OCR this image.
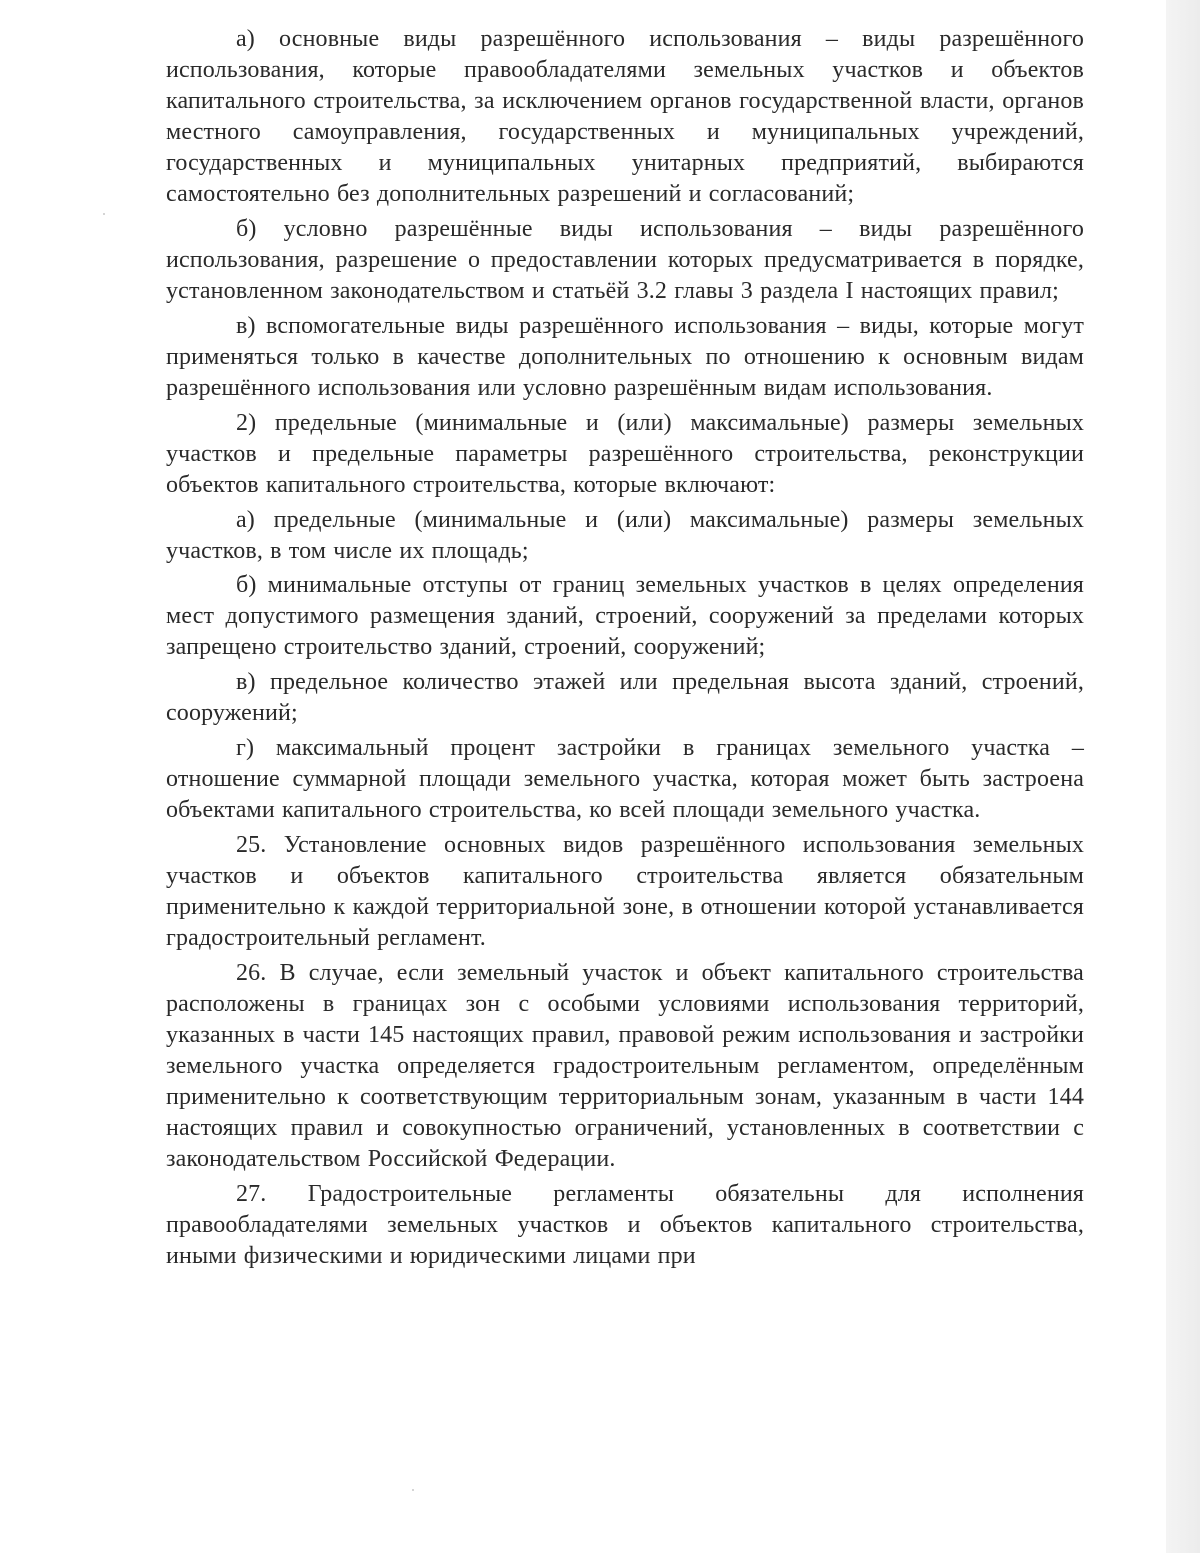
а) основные виды разрешённого использования – виды разрешённого использования, которые правообладателями земельных участков и объектов капитального строительства, за исключением органов государственной власти, органов местного самоуправления, государственных и муниципальных учреждений, государственных и муниципальных унитарных предприятий, выбираются самостоятельно без дополнительных разрешений и согласований;

б) условно разрешённые виды использования – виды разрешённого использования, разрешение о предоставлении которых предусматривается в порядке, установленном законодательством и статьёй 3.2 главы 3 раздела I настоящих правил;

в) вспомогательные виды разрешённого использования – виды, которые могут применяться только в качестве дополнительных по отношению к основным видам разрешённого использования или условно разрешённым видам использования.

2) предельные (минимальные и (или) максимальные) размеры земельных участков и предельные параметры разрешённого строительства, реконструкции объектов капитального строительства, которые включают:

а) предельные (минимальные и (или) максимальные) размеры земельных участков, в том числе их площадь;

б) минимальные отступы от границ земельных участков в целях определения мест допустимого размещения зданий, строений, сооружений за пределами которых запрещено строительство зданий, строений, сооружений;

в) предельное количество этажей или предельная высота зданий, строений, сооружений;

г) максимальный процент застройки в границах земельного участка – отношение суммарной площади земельного участка, которая может быть застроена объектами капитального строительства, ко всей площади земельного участка.

25. Установление основных видов разрешённого использования земельных участков и объектов капитального строительства является обязательным применительно к каждой территориальной зоне, в отношении которой устанавливается градостроительный регламент.

26. В случае, если земельный участок и объект капитального строительства расположены в границах зон с особыми условиями использования территорий, указанных в части 145 настоящих правил, правовой режим использования и застройки земельного участка определяется градостроительным регламентом, определённым применительно к соответствующим территориальным зонам, указанным в части 144 настоящих правил и совокупностью ограничений, установленных в соответствии с законодательством Российской Федерации.

27. Градостроительные регламенты обязательны для исполнения правообладателями земельных участков и объектов капитального строительства, иными физическими и юридическими лицами при
